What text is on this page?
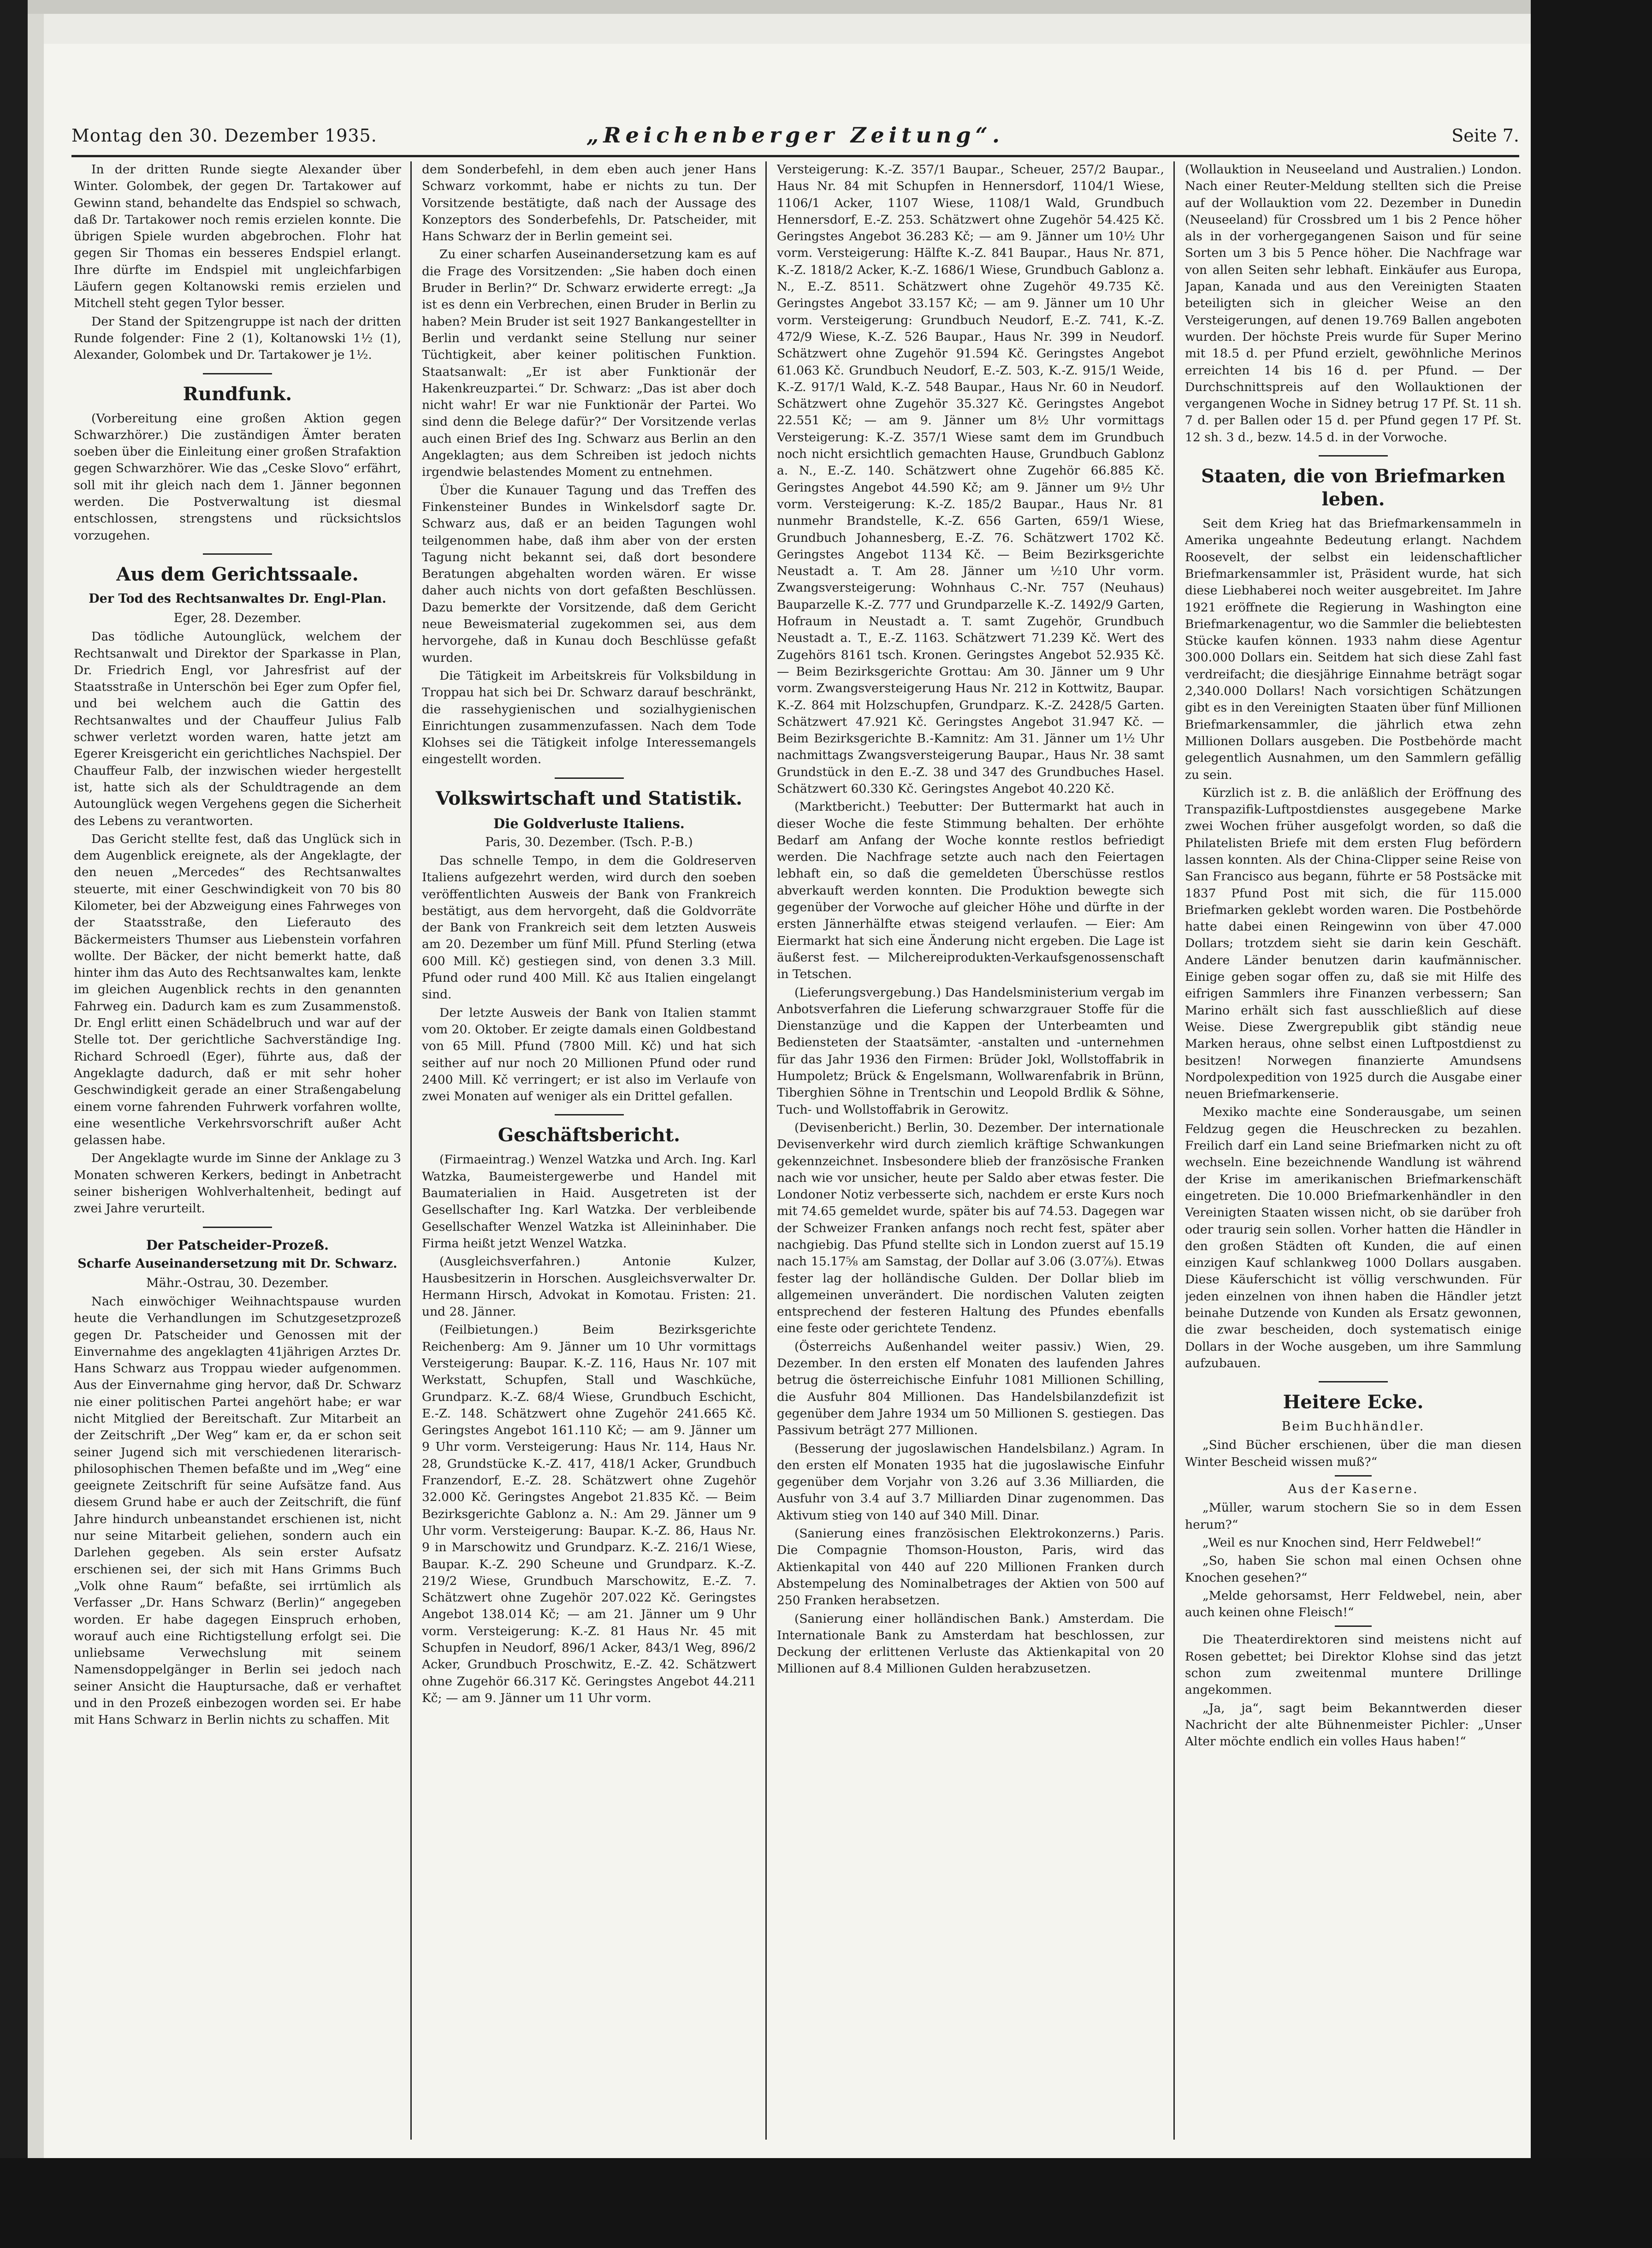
Montag den 30. Dezember 1935.	„Reichenberger Zeitung“.	Seite 7.

In der dritten Runde siegte Alexander über Winter. Golombek, der gegen Dr. Tartakower auf Gewinn stand, behandelte das Endspiel so schwach, daß Dr. Tartakower noch remis erzielen konnte. Die übrigen Spiele wurden abgebrochen. Flohr hat gegen Sir Thomas ein besseres Endspiel erlangt. Ihre dürfte im Endspiel mit ungleichfarbigen Läufern gegen Koltanowski remis erzielen und Mitchell steht gegen Tylor besser.

Der Stand der Spitzengruppe ist nach der dritten Runde folgender: Fine 2 (1), Koltanowski 1½ (1), Alexander, Golombek und Dr. Tartakower je 1½.

Rundfunk.

(Vorbereitung eine großen Aktion gegen Schwarzhörer.) Die zuständigen Ämter beraten soeben über die Einleitung einer großen Strafaktion gegen Schwarzhörer. Wie das „Ceske Slovo“ erfährt, soll mit ihr gleich nach dem 1. Jänner begonnen werden. Die Postverwaltung ist diesmal entschlossen, strengstens und rücksichtslos vorzugehen.

Aus dem Gerichtssaale.
Der Tod des Rechtsanwaltes Dr. Engl-Plan.
Eger, 28. Dezember.

Das tödliche Autounglück, welchem der Rechtsanwalt und Direktor der Sparkasse in Plan, Dr. Friedrich Engl, vor Jahresfrist auf der Staatsstraße in Unterschön bei Eger zum Opfer fiel, und bei welchem auch die Gattin des Rechtsanwaltes und der Chauffeur Julius Falb schwer verletzt worden waren, hatte jetzt am Egerer Kreisgericht ein gerichtliches Nachspiel. Der Chauffeur Falb, der inzwischen wieder hergestellt ist, hatte sich als der Schuldtragende an dem Autounglück wegen Vergehens gegen die Sicherheit des Lebens zu verantworten.

Das Gericht stellte fest, daß das Unglück sich in dem Augenblick ereignete, als der Angeklagte, der den neuen „Mercedes“ des Rechtsanwaltes steuerte, mit einer Geschwindigkeit von 70 bis 80 Kilometer, bei der Abzweigung eines Fahrweges von der Staatsstraße, den Lieferauto des Bäckermeisters Thumser aus Liebenstein vorfahren wollte. Der Bäcker, der nicht bemerkt hatte, daß hinter ihm das Auto des Rechtsanwaltes kam, lenkte im gleichen Augenblick rechts in den genannten Fahrweg ein. Dadurch kam es zum Zusammenstoß. Dr. Engl erlitt einen Schädelbruch und war auf der Stelle tot. Der gerichtliche Sachverständige Ing. Richard Schroedl (Eger), führte aus, daß der Angeklagte dadurch, daß er mit sehr hoher Geschwindigkeit gerade an einer Straßengabelung einem vorne fahrenden Fuhrwerk vorfahren wollte, eine wesentliche Verkehrsvorschrift außer Acht gelassen habe.

Der Angeklagte wurde im Sinne der Anklage zu 3 Monaten schweren Kerkers, bedingt in Anbetracht seiner bisherigen Wohlverhaltenheit, bedingt auf zwei Jahre verurteilt.

Der Patscheider-Prozeß.
Scharfe Auseinandersetzung mit Dr. Schwarz.
Mähr.-Ostrau, 30. Dezember.

Nach einwöchiger Weihnachtspause wurden heute die Verhandlungen im Schutzgesetzprozeß gegen Dr. Patscheider und Genossen mit der Einvernahme des angeklagten 41jährigen Arztes Dr. Hans Schwarz aus Troppau wieder aufgenommen. Aus der Einvernahme ging hervor, daß Dr. Schwarz nie einer politischen Partei angehört habe; er war nicht Mitglied der Bereitschaft. Zur Mitarbeit an der Zeitschrift „Der Weg“ kam er, da er schon seit seiner Jugend sich mit verschiedenen literarisch-philosophischen Themen befaßte und im „Weg“ eine geeignete Zeitschrift für seine Aufsätze fand. Aus diesem Grund habe er auch der Zeitschrift, die fünf Jahre hindurch unbeanstandet erschienen ist, nicht nur seine Mitarbeit geliehen, sondern auch ein Darlehen gegeben. Als sein erster Aufsatz erschienen sei, der sich mit Hans Grimms Buch „Volk ohne Raum“ befaßte, sei irrtümlich als Verfasser „Dr. Hans Schwarz (Berlin)“ angegeben worden. Er habe dagegen Einspruch erhoben, worauf auch eine Richtigstellung erfolgt sei. Die unliebsame Verwechslung mit seinem Namensdoppelgänger in Berlin sei jedoch nach seiner Ansicht die Hauptursache, daß er verhaftet und in den Prozeß einbezogen worden sei. Er habe mit Hans Schwarz in Berlin nichts zu schaffen. Mit

dem Sonderbefehl, in dem eben auch jener Hans Schwarz vorkommt, habe er nichts zu tun. Der Vorsitzende bestätigte, daß nach der Aussage des Konzeptors des Sonderbefehls, Dr. Patscheider, mit Hans Schwarz der in Berlin gemeint sei.

Zu einer scharfen Auseinandersetzung kam es auf die Frage des Vorsitzenden: „Sie haben doch einen Bruder in Berlin?“ Dr. Schwarz erwiderte erregt: „Ja ist es denn ein Verbrechen, einen Bruder in Berlin zu haben? Mein Bruder ist seit 1927 Bankangestellter in Berlin und verdankt seine Stellung nur seiner Tüchtigkeit, aber keiner politischen Funktion. Staatsanwalt: „Er ist aber Funktionär der Hakenkreuzpartei.“ Dr. Schwarz: „Das ist aber doch nicht wahr! Er war nie Funktionär der Partei. Wo sind denn die Belege dafür?“ Der Vorsitzende verlas auch einen Brief des Ing. Schwarz aus Berlin an den Angeklagten; aus dem Schreiben ist jedoch nichts irgendwie belastendes Moment zu entnehmen.

Über die Kunauer Tagung und das Treffen des Finkensteiner Bundes in Winkelsdorf sagte Dr. Schwarz aus, daß er an beiden Tagungen wohl teilgenommen habe, daß ihm aber von der ersten Tagung nicht bekannt sei, daß dort besondere Beratungen abgehalten worden wären. Er wisse daher auch nichts von dort gefaßten Beschlüssen. Dazu bemerkte der Vorsitzende, daß dem Gericht neue Beweismaterial zugekommen sei, aus dem hervorgehe, daß in Kunau doch Beschlüsse gefaßt wurden.

Die Tätigkeit im Arbeitskreis für Volksbildung in Troppau hat sich bei Dr. Schwarz darauf beschränkt, die rassehygienischen und sozialhygienischen Einrichtungen zusammenzufassen. Nach dem Tode Klohses sei die Tätigkeit infolge Interessemangels eingestellt worden.

Volkswirtschaft und Statistik.
Die Goldverluste Italiens.
Paris, 30. Dezember. (Tsch. P.-B.)

Das schnelle Tempo, in dem die Goldreserven Italiens aufgezehrt werden, wird durch den soeben veröffentlichten Ausweis der Bank von Frankreich bestätigt, aus dem hervorgeht, daß die Goldvorräte der Bank von Frankreich seit dem letzten Ausweis am 20. Dezember um fünf Mill. Pfund Sterling (etwa 600 Mill. Kč) gestiegen sind, von denen 3.3 Mill. Pfund oder rund 400 Mill. Kč aus Italien eingelangt sind.

Der letzte Ausweis der Bank von Italien stammt vom 20. Oktober. Er zeigte damals einen Goldbestand von 65 Mill. Pfund (7800 Mill. Kč) und hat sich seither auf nur noch 20 Millionen Pfund oder rund 2400 Mill. Kč verringert; er ist also im Verlaufe von zwei Monaten auf weniger als ein Drittel gefallen.

Geschäftsbericht.

(Firmaeintrag.) Wenzel Watzka und Arch. Ing. Karl Watzka, Baumeistergewerbe und Handel mit Baumaterialien in Haid. Ausgetreten ist der Gesellschafter Ing. Karl Watzka. Der verbleibende Gesellschafter Wenzel Watzka ist Alleininhaber. Die Firma heißt jetzt Wenzel Watzka.

(Ausgleichsverfahren.) Antonie Kulzer, Hausbesitzerin in Horschen. Ausgleichsverwalter Dr. Hermann Hirsch, Advokat in Komotau. Fristen: 21. und 28. Jänner.

(Feilbietungen.) Beim Bezirksgerichte Reichenberg: Am 9. Jänner um 10 Uhr vormittags Versteigerung: Baupar. K.-Z. 116, Haus Nr. 107 mit Werkstatt, Schupfen, Stall und Waschküche, Grundparz. K.-Z. 68/4 Wiese, Grundbuch Eschicht, E.-Z. 148. Schätzwert ohne Zugehör 241.665 Kč. Geringstes Angebot 161.110 Kč; — am 9. Jänner um 9 Uhr vorm. Versteigerung: Haus Nr. 114, Haus Nr. 28, Grundstücke K.-Z. 417, 418/1 Acker, Grundbuch Franzendorf, E.-Z. 28. Schätzwert ohne Zugehör 32.000 Kč. Geringstes Angebot 21.835 Kč. — Beim Bezirksgerichte Gablonz a. N.: Am 29. Jänner um 9 Uhr vorm. Versteigerung: Baupar. K.-Z. 86, Haus Nr. 9 in Marschowitz und Grundparz. K.-Z. 216/1 Wiese, Baupar. K.-Z. 290 Scheune und Grundparz. K.-Z. 219/2 Wiese, Grundbuch Marschowitz, E.-Z. 7. Schätzwert ohne Zugehör 207.022 Kč. Geringstes Angebot 138.014 Kč; — am 21. Jänner um 9 Uhr vorm. Versteigerung: K.-Z. 81 Haus Nr. 45 mit Schupfen in Neudorf, 896/1 Acker, 843/1 Weg, 896/2 Acker, Grundbuch Proschwitz, E.-Z. 42. Schätzwert ohne Zugehör 66.317 Kč. Geringstes Angebot 44.211 Kč; — am 9. Jänner um 11 Uhr vorm.

Versteigerung: K.-Z. 357/1 Baupar., Scheuer, 257/2 Baupar., Haus Nr. 84 mit Schupfen in Hennersdorf, 1104/1 Wiese, 1106/1 Acker, 1107 Wiese, 1108/1 Wald, Grundbuch Hennersdorf, E.-Z. 253. Schätzwert ohne Zugehör 54.425 Kč. Geringstes Angebot 36.283 Kč; — am 9. Jänner um 10½ Uhr vorm. Versteigerung: Hälfte K.-Z. 841 Baupar., Haus Nr. 871, K.-Z. 1818/2 Acker, K.-Z. 1686/1 Wiese, Grundbuch Gablonz a. N., E.-Z. 8511. Schätzwert ohne Zugehör 49.735 Kč. Geringstes Angebot 33.157 Kč; — am 9. Jänner um 10 Uhr vorm. Versteigerung: Grundbuch Neudorf, E.-Z. 741, K.-Z. 472/9 Wiese, K.-Z. 526 Baupar., Haus Nr. 399 in Neudorf. Schätzwert ohne Zugehör 91.594 Kč. Geringstes Angebot 61.063 Kč. Grundbuch Neudorf, E.-Z. 503, K.-Z. 915/1 Weide, K.-Z. 917/1 Wald, K.-Z. 548 Baupar., Haus Nr. 60 in Neudorf. Schätzwert ohne Zugehör 35.327 Kč. Geringstes Angebot 22.551 Kč; — am 9. Jänner um 8½ Uhr vormittags Versteigerung: K.-Z. 357/1 Wiese samt dem im Grundbuch noch nicht ersichtlich gemachten Hause, Grundbuch Gablonz a. N., E.-Z. 140. Schätzwert ohne Zugehör 66.885 Kč. Geringstes Angebot 44.590 Kč; am 9. Jänner um 9½ Uhr vorm. Versteigerung: K.-Z. 185/2 Baupar., Haus Nr. 81 nunmehr Brandstelle, K.-Z. 656 Garten, 659/1 Wiese, Grundbuch Johannesberg, E.-Z. 76. Schätzwert 1702 Kč. Geringstes Angebot 1134 Kč. — Beim Bezirksgerichte Neustadt a. T. Am 28. Jänner um ½10 Uhr vorm. Zwangsversteigerung: Wohnhaus C.-Nr. 757 (Neuhaus) Bauparzelle K.-Z. 777 und Grundparzelle K.-Z. 1492/9 Garten, Hofraum in Neustadt a. T. samt Zugehör, Grundbuch Neustadt a. T., E.-Z. 1163. Schätzwert 71.239 Kč. Wert des Zugehörs 8161 tsch. Kronen. Geringstes Angebot 52.935 Kč. — Beim Bezirksgerichte Grottau: Am 30. Jänner um 9 Uhr vorm. Zwangsversteigerung Haus Nr. 212 in Kottwitz, Baupar. K.-Z. 864 mit Holzschupfen, Grundparz. K.-Z. 2428/5 Garten. Schätzwert 47.921 Kč. Geringstes Angebot 31.947 Kč. — Beim Bezirksgerichte B.-Kamnitz: Am 31. Jänner um 1½ Uhr nachmittags Zwangsversteigerung Baupar., Haus Nr. 38 samt Grundstück in den E.-Z. 38 und 347 des Grundbuches Hasel. Schätzwert 60.330 Kč. Geringstes Angebot 40.220 Kč.

(Marktbericht.) Teebutter: Der Buttermarkt hat auch in dieser Woche die feste Stimmung behalten. Der erhöhte Bedarf am Anfang der Woche konnte restlos befriedigt werden. Die Nachfrage setzte auch nach den Feiertagen lebhaft ein, so daß die gemeldeten Überschüsse restlos abverkauft werden konnten. Die Produktion bewegte sich gegenüber der Vorwoche auf gleicher Höhe und dürfte in der ersten Jännerhälfte etwas steigend verlaufen. — Eier: Am Eiermarkt hat sich eine Änderung nicht ergeben. Die Lage ist äußerst fest. — Milchereiprodukten-Verkaufsgenossenschaft in Tetschen.

(Lieferungsvergebung.) Das Handelsministerium vergab im Anbotsverfahren die Lieferung schwarzgrauer Stoffe für die Dienstanzüge und die Kappen der Unterbeamten und Bediensteten der Staatsämter, -anstalten und -unternehmen für das Jahr 1936 den Firmen: Brüder Jokl, Wollstoffabrik in Humpoletz; Brück & Engelsmann, Wollwarenfabrik in Brünn, Tiberghien Söhne in Trentschin und Leopold Brdlik & Söhne, Tuch- und Wollstoffabrik in Gerowitz.

(Devisenbericht.) Berlin, 30. Dezember. Der internationale Devisenverkehr wird durch ziemlich kräftige Schwankungen gekennzeichnet. Insbesondere blieb der französische Franken nach wie vor unsicher, heute per Saldo aber etwas fester. Die Londoner Notiz verbesserte sich, nachdem er erste Kurs noch mit 74.65 gemeldet wurde, später bis auf 74.53. Dagegen war der Schweizer Franken anfangs noch recht fest, später aber nachgiebig. Das Pfund stellte sich in London zuerst auf 15.19 nach 15.17⅝ am Samstag, der Dollar auf 3.06 (3.07⅞). Etwas fester lag der holländische Gulden. Der Dollar blieb im allgemeinen unverändert. Die nordischen Valuten zeigten entsprechend der festeren Haltung des Pfundes ebenfalls eine feste oder gerichtete Tendenz.

(Österreichs Außenhandel weiter passiv.) Wien, 29. Dezember. In den ersten elf Monaten des laufenden Jahres betrug die österreichische Einfuhr 1081 Millionen Schilling, die Ausfuhr 804 Millionen. Das Handelsbilanzdefizit ist gegenüber dem Jahre 1934 um 50 Millionen S. gestiegen. Das Passivum beträgt 277 Millionen.

(Besserung der jugoslawischen Handelsbilanz.) Agram. In den ersten elf Monaten 1935 hat die jugoslawische Einfuhr gegenüber dem Vorjahr von 3.26 auf 3.36 Milliarden, die Ausfuhr von 3.4 auf 3.7 Milliarden Dinar zugenommen. Das Aktivum stieg von 140 auf 340 Mill. Dinar.

(Sanierung eines französischen Elektrokonzerns.) Paris. Die Compagnie Thomson-Houston, Paris, wird das Aktienkapital von 440 auf 220 Millionen Franken durch Abstempelung des Nominalbetrages der Aktien von 500 auf 250 Franken herabsetzen.

(Sanierung einer holländischen Bank.) Amsterdam. Die Internationale Bank zu Amsterdam hat beschlossen, zur Deckung der erlittenen Verluste das Aktienkapital von 20 Millionen auf 8.4 Millionen Gulden herabzusetzen.

(Wollauktion in Neuseeland und Australien.) London. Nach einer Reuter-Meldung stellten sich die Preise auf der Wollauktion vom 22. Dezember in Dunedin (Neuseeland) für Crossbred um 1 bis 2 Pence höher als in der vorhergegangenen Saison und für seine Sorten um 3 bis 5 Pence höher. Die Nachfrage war von allen Seiten sehr lebhaft. Einkäufer aus Europa, Japan, Kanada und aus den Vereinigten Staaten beteiligten sich in gleicher Weise an den Versteigerungen, auf denen 19.769 Ballen angeboten wurden. Der höchste Preis wurde für Super Merino mit 18.5 d. per Pfund erzielt, gewöhnliche Merinos erreichten 14 bis 16 d. per Pfund. — Der Durchschnittspreis auf den Wollauktionen der vergangenen Woche in Sidney betrug 17 Pf. St. 11 sh. 7 d. per Ballen oder 15 d. per Pfund gegen 17 Pf. St. 12 sh. 3 d., bezw. 14.5 d. in der Vorwoche.

Staaten, die von Briefmarken leben.

Seit dem Krieg hat das Briefmarkensammeln in Amerika ungeahnte Bedeutung erlangt. Nachdem Roosevelt, der selbst ein leidenschaftlicher Briefmarkensammler ist, Präsident wurde, hat sich diese Liebhaberei noch weiter ausgebreitet. Im Jahre 1921 eröffnete die Regierung in Washington eine Briefmarkenagentur, wo die Sammler die beliebtesten Stücke kaufen können. 1933 nahm diese Agentur 300.000 Dollars ein. Seitdem hat sich diese Zahl fast verdreifacht; die diesjährige Einnahme beträgt sogar 2,340.000 Dollars! Nach vorsichtigen Schätzungen gibt es in den Vereinigten Staaten über fünf Millionen Briefmarkensammler, die jährlich etwa zehn Millionen Dollars ausgeben. Die Postbehörde macht gelegentlich Ausnahmen, um den Sammlern gefällig zu sein.

Kürzlich ist z. B. die anläßlich der Eröffnung des Transpazifik-Luftpostdienstes ausgegebene Marke zwei Wochen früher ausgefolgt worden, so daß die Philatelisten Briefe mit dem ersten Flug befördern lassen konnten. Als der China-Clipper seine Reise von San Francisco aus begann, führte er 58 Postsäcke mit 1837 Pfund Post mit sich, die für 115.000 Briefmarken geklebt worden waren. Die Postbehörde hatte dabei einen Reingewinn von über 47.000 Dollars; trotzdem sieht sie darin kein Geschäft. Andere Länder benutzen darin kaufmännischer. Einige geben sogar offen zu, daß sie mit Hilfe des eifrigen Sammlers ihre Finanzen verbessern; San Marino erhält sich fast ausschließlich auf diese Weise. Diese Zwergrepublik gibt ständig neue Marken heraus, ohne selbst einen Luftpostdienst zu besitzen! Norwegen finanzierte Amundsens Nordpolexpedition von 1925 durch die Ausgabe einer neuen Briefmarkenserie.

Mexiko machte eine Sonderausgabe, um seinen Feldzug gegen die Heuschrecken zu bezahlen. Freilich darf ein Land seine Briefmarken nicht zu oft wechseln. Eine bezeichnende Wandlung ist während der Krise im amerikanischen Briefmarkenschäft eingetreten. Die 10.000 Briefmarkenhändler in den Vereinigten Staaten wissen nicht, ob sie darüber froh oder traurig sein sollen. Vorher hatten die Händler in den großen Städten oft Kunden, die auf einen einzigen Kauf schlankweg 1000 Dollars ausgaben. Diese Käuferschicht ist völlig verschwunden. Für jeden einzelnen von ihnen haben die Händler jetzt beinahe Dutzende von Kunden als Ersatz gewonnen, die zwar bescheiden, doch systematisch einige Dollars in der Woche ausgeben, um ihre Sammlung aufzubauen.

Heitere Ecke.
Beim Buchhändler.

„Sind Bücher erschienen, über die man diesen Winter Bescheid wissen muß?“

Aus der Kaserne.

„Müller, warum stochern Sie so in dem Essen herum?“

„Weil es nur Knochen sind, Herr Feldwebel!“

„So, haben Sie schon mal einen Ochsen ohne Knochen gesehen?“

„Melde gehorsamst, Herr Feldwebel, nein, aber auch keinen ohne Fleisch!“

Die Theaterdirektoren sind meistens nicht auf Rosen gebettet; bei Direktor Klohse sind das jetzt schon zum zweitenmal muntere Drillinge angekommen.

„Ja, ja“, sagt beim Bekanntwerden dieser Nachricht der alte Bühnenmeister Pichler: „Unser Alter möchte endlich ein volles Haus haben!“
